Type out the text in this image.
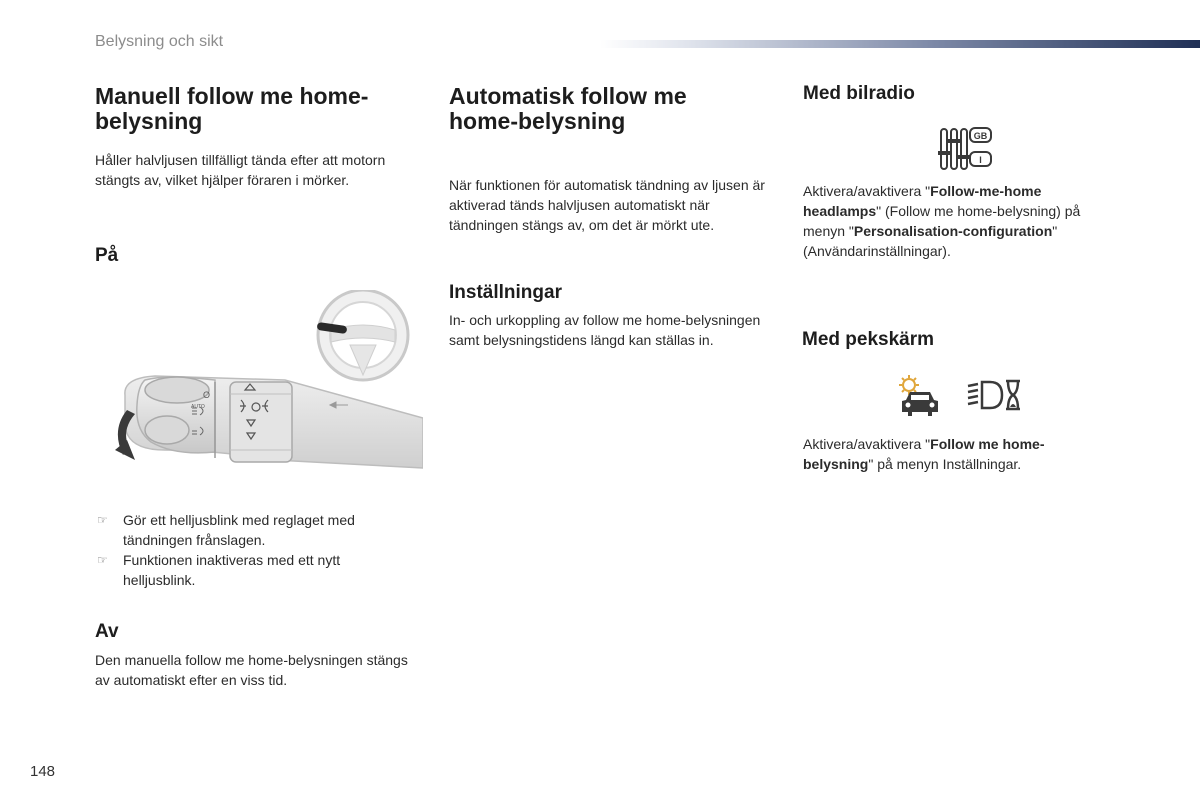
Belysning och sikt
Manuell follow me home-belysning

Håller halvljusen tillfälligt tända efter att motorn stängts av, vilket hjälper föraren i mörker.

På
O
AUTO
☞ Gör ett helljusblink med reglaget med tändningen frånslagen.
☞ Funktionen inaktiveras med ett nytt helljusblink.
Av

Den manuella follow me home-belysningen stängs av automatiskt efter en viss tid.

Automatisk follow me home-belysning

När funktionen för automatisk tändning av ljusen är aktiverad tänds halvljusen automatiskt när tändningen stängs av, om det är mörkt ute.

Inställningar

In- och urkoppling av follow me home-belysningen samt belysningstidens längd kan ställas in.

Med bilradio
GB
I

Aktivera/avaktivera "Follow-me-home headlamps" (Follow me home-belysning) på menyn "Personalisation-configuration" (Användarinställningar).

Med pekskärm

Aktivera/avaktivera "Follow me home-belysning" på menyn Inställningar.

148
